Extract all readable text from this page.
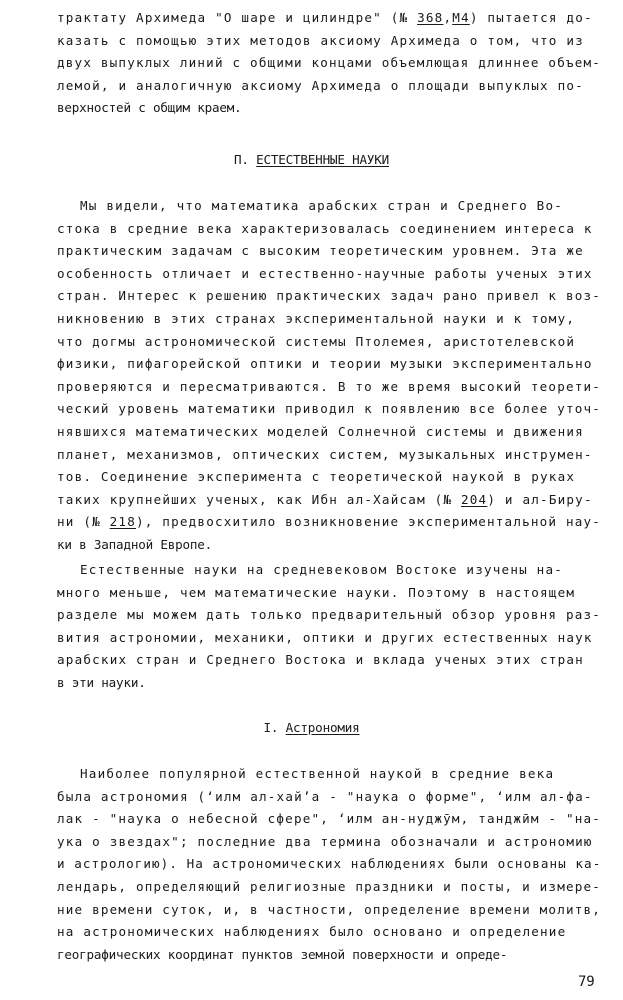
трактату Архимеда "О шаре и цилиндре" (№ 368,М4) пытается до-
казать с помощью этих методов аксиому Архимеда о том, что из
двух выпуклых линий с общими концами объемлющая длиннее объем-
лемой, и аналогичную аксиому Архимеда о площади выпуклых по-
верхностей с общим краем.
П. ЕСТЕСТВЕННЫЕ НАУКИ
Мы видели, что математика арабских стран и Среднего Во-
стока в средние века характеризовалась соединением интереса к
практическим задачам с высоким теоретическим уровнем. Эта же
особенность отличает и естественно-научные работы ученых этих
стран. Интерес к решению практических задач рано привел к воз-
никновению в этих странах экспериментальной науки и к тому,
что догмы астрономической системы Птолемея, аристотелевской
физики, пифагорейской оптики и теории музыки экспериментально
проверяются и пересматриваются. В то же время высокий теорети-
ческий уровень математики приводил к появлению все более уточ-
нявшихся математических моделей Солнечной системы и движения
планет, механизмов, оптических систем, музыкальных инструмен-
тов. Соединение эксперимента с теоретической наукой в руках
таких крупнейших ученых, как Ибн ал-Хайсам (№ 204) и ал-Биру-
ни (№ 218), предвосхитило возникновение экспериментальной нау-
ки в Западной Европе.
Естественные науки на средневековом Востоке изучены на-
много меньше, чем математические науки. Поэтому в настоящем
разделе мы можем дать только предварительный обзор уровня раз-
вития астрономии, механики, оптики и других естественных наук
арабских стран и Среднего Востока и вклада ученых этих стран
в эти науки.
I. Астрономия
Наиболее популярной естественной наукой в средние века
была астрономия (ʻилм ал-хайʼа - "наука о форме", ʻилм ал-фа-
лак - "наука о небесной сфере", ʻилм ан-нуджӯм, танджӣм - "на-
ука о звездах"; последние два термина обозначали и астрономию
и астрологию). На астрономических наблюдениях были основаны ка-
лендарь, определяющий религиозные праздники и посты, и измере-
ние времени суток, и, в частности, определение времени молитв,
на астрономических наблюдениях было основано и определение
географических координат пунктов земной поверхности и опреде-
79
